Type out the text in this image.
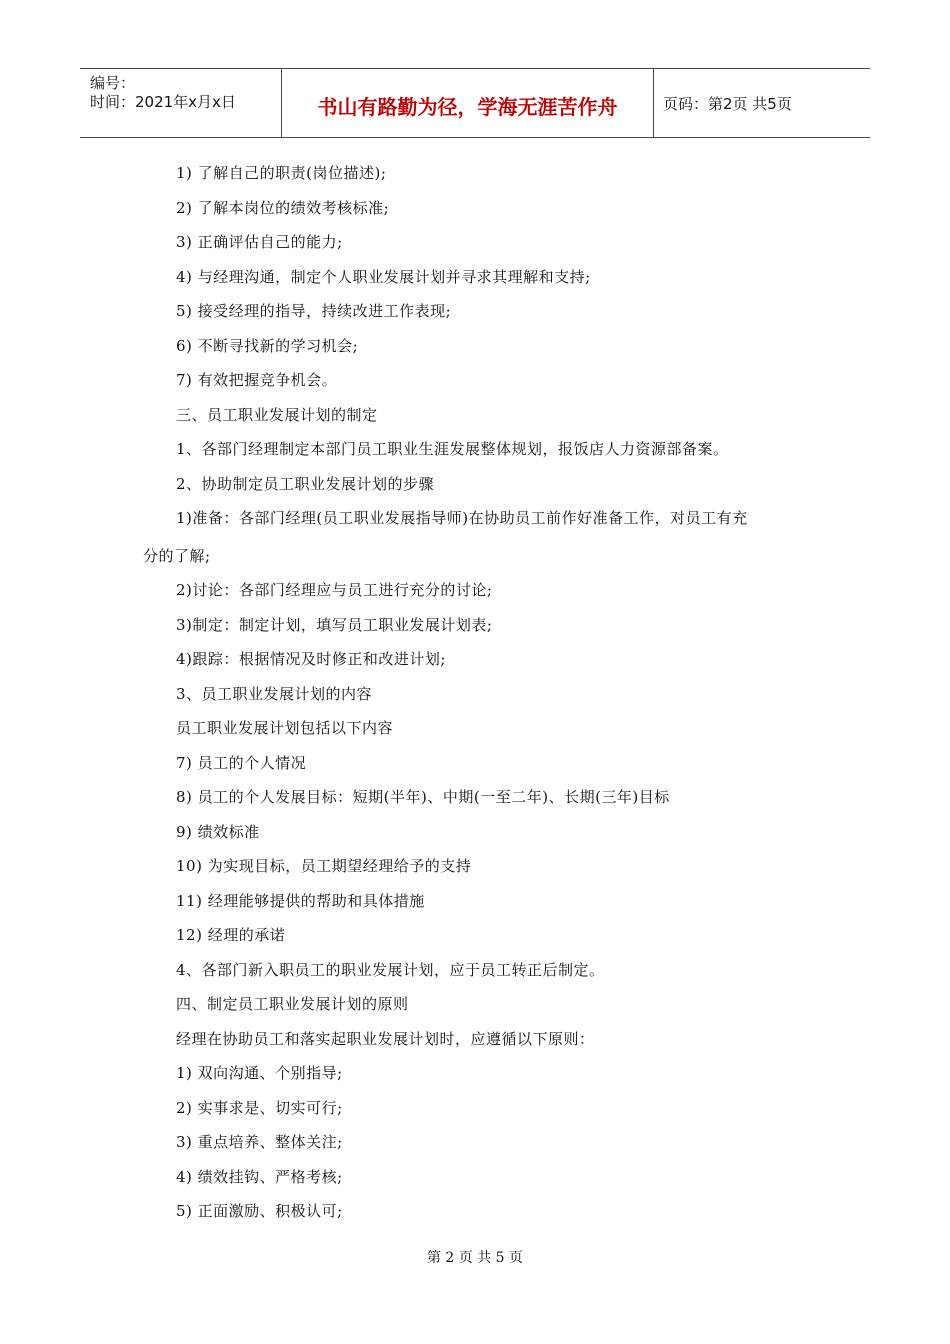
编号：
时间：2021年x月x日	书山有路勤为径，学海无涯苦作舟	页码：第2页 共5页
1) 了解自己的职责(岗位描述);
2) 了解本岗位的绩效考核标准;
3) 正确评估自己的能力;
4) 与经理沟通，制定个人职业发展计划并寻求其理解和支持;
5) 接受经理的指导，持续改进工作表现;
6) 不断寻找新的学习机会;
7) 有效把握竞争机会。
三、员工职业发展计划的制定
1、各部门经理制定本部门员工职业生涯发展整体规划，报饭店人力资源部备案。
2、协助制定员工职业发展计划的步骤
1)准备：各部门经理(员工职业发展指导师)在协助员工前作好准备工作，对员工有充
分的了解;
2)讨论：各部门经理应与员工进行充分的讨论;
3)制定：制定计划，填写员工职业发展计划表;
4)跟踪：根据情况及时修正和改进计划;
3、员工职业发展计划的内容
员工职业发展计划包括以下内容
7) 员工的个人情况
8) 员工的个人发展目标：短期(半年)、中期(一至二年)、长期(三年)目标
9) 绩效标准
10) 为实现目标，员工期望经理给予的支持
11) 经理能够提供的帮助和具体措施
12) 经理的承诺
4、各部门新入职员工的职业发展计划，应于员工转正后制定。
四、制定员工职业发展计划的原则
经理在协助员工和落实起职业发展计划时，应遵循以下原则：
1) 双向沟通、个别指导;
2) 实事求是、切实可行;
3) 重点培养、整体关注;
4) 绩效挂钩、严格考核;
5) 正面激励、积极认可;
第 2 页 共 5 页
